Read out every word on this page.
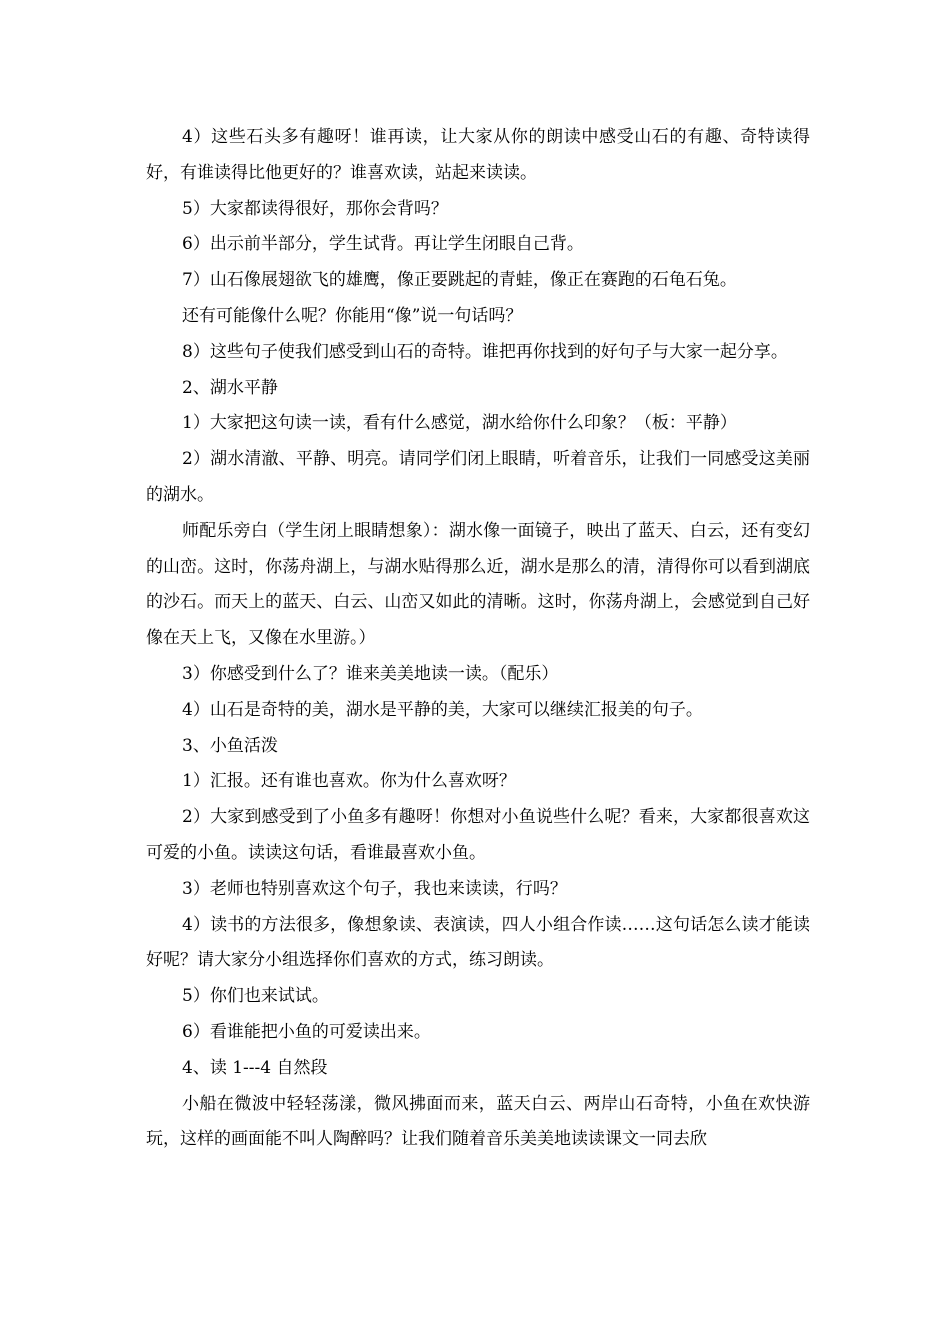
4）这些石头多有趣呀！谁再读，让大家从你的朗读中感受山石的有趣、奇特读得好，有谁读得比他更好的？谁喜欢读，站起来读读。

5）大家都读得很好，那你会背吗？

6）出示前半部分，学生试背。再让学生闭眼自己背。

7）山石像展翅欲飞的雄鹰，像正要跳起的青蛙，像正在赛跑的石龟石兔。

还有可能像什么呢？你能用“像”说一句话吗？

8）这些句子使我们感受到山石的奇特。谁把再你找到的好句子与大家一起分享。

2、湖水平静

1）大家把这句读一读，看有什么感觉，湖水给你什么印象？（板：平静）

2）湖水清澈、平静、明亮。请同学们闭上眼睛，听着音乐，让我们一同感受这美丽的湖水。

师配乐旁白（学生闭上眼睛想象）：湖水像一面镜子，映出了蓝天、白云，还有变幻的山峦。这时，你荡舟湖上，与湖水贴得那么近，湖水是那么的清，清得你可以看到湖底的沙石。而天上的蓝天、白云、山峦又如此的清晰。这时，你荡舟湖上，会感觉到自己好像在天上飞，又像在水里游。）

3）你感受到什么了？谁来美美地读一读。（配乐）

4）山石是奇特的美，湖水是平静的美，大家可以继续汇报美的句子。

3、小鱼活泼

1）汇报。还有谁也喜欢。你为什么喜欢呀？

2）大家到感受到了小鱼多有趣呀！你想对小鱼说些什么呢？看来，大家都很喜欢这可爱的小鱼。读读这句话，看谁最喜欢小鱼。

3）老师也特别喜欢这个句子，我也来读读，行吗？

4）读书的方法很多，像想象读、表演读，四人小组合作读……这句话怎么读才能读好呢？请大家分小组选择你们喜欢的方式，练习朗读。

5）你们也来试试。

6）看谁能把小鱼的可爱读出来。

4、读 1---4 自然段

小船在微波中轻轻荡漾，微风拂面而来，蓝天白云、两岸山石奇特，小鱼在欢快游玩，这样的画面能不叫人陶醉吗？让我们随着音乐美美地读读课文一同去欣
